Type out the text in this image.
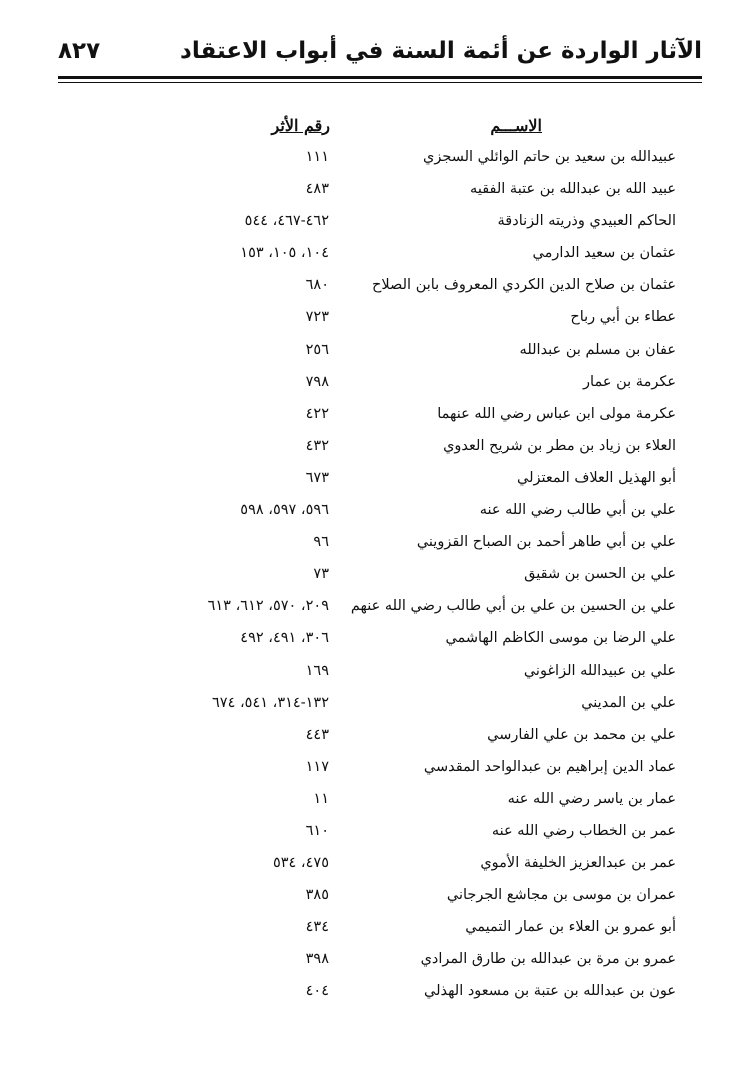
الآثار الواردة عن أئمة السنة في أبواب الاعتقاد
٨٢٧
الاســـم
رقم الأثر
عبيدالله بن سعيد بن حاتم الوائلي السجزي
١١١
عبيد الله بن عبدالله بن عتبة الفقيه
٤٨٣
الحاكم العبيدي وذريته الزنادقة
٤٦٢-٤٦٧، ٥٤٤
عثمان بن سعيد الدارمي
١٠٤، ١٠٥، ١٥٣
عثمان بن صلاح الدين الكردي المعروف بابن الصلاح
٦٨٠
عطاء بن أبي رباح
٧٢٣
عفان بن مسلم بن عبدالله
٢٥٦
عكرمة بن عمار
٧٩٨
عكرمة مولى ابن عباس رضي الله عنهما
٤٢٢
العلاء بن زياد بن مطر بن شريح العدوي
٤٣٢
أبو الهذيل العلاف المعتزلي
٦٧٣
علي بن أبي طالب رضي الله عنه
٥٩٦، ٥٩٧، ٥٩٨
علي بن أبي طاهر أحمد بن الصباح القزويني
٩٦
علي بن الحسن بن شقيق
٧٣
علي بن الحسين بن علي بن أبي طالب رضي الله عنهم
٢٠٩، ٥٧٠، ٦١٢، ٦١٣
علي الرضا بن موسى الكاظم الهاشمي
٣٠٦، ٤٩١، ٤٩٢
علي بن عبيدالله الزاغوني
١٦٩
علي بن المديني
١٣٢-٣١٤، ٥٤١، ٦٧٤
علي بن محمد بن علي الفارسي
٤٤٣
عماد الدين إبراهيم بن عبدالواحد المقدسي
١١٧
عمار بن ياسر رضي الله عنه
١١
عمر بن الخطاب رضي الله عنه
٦١٠
عمر بن عبدالعزيز الخليفة الأموي
٤٧٥، ٥٣٤
عمران بن موسى بن مجاشع الجرجاني
٣٨٥
أبو عمرو بن العلاء بن عمار التميمي
٤٣٤
عمرو بن مرة بن عبدالله بن طارق المرادي
٣٩٨
عون بن عبدالله بن عتبة بن مسعود الهذلي
٤٠٤
